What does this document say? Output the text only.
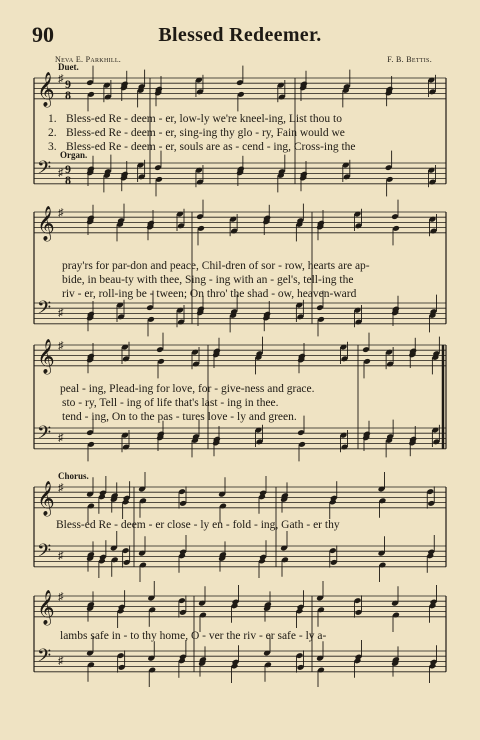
90	Blessed Redeemer.
Neva E. Parkhill.	F. B. Bettis.
Duet.
Organ.
Chorus.
1. Bless-ed Re - deem - er, low-ly we're kneel-ing, List thou to
2. Bless-ed Re - deem - er, sing-ing thy glo - ry, Fain would we
3. Bless-ed Re - deem - er, souls are as - cend - ing, Cross-ing the
pray'rs for par-don and peace, Chil-dren of sor - row, hearts are ap-
bide, in beau-ty with thee, Sing - ing with an - gel's, tell-ing the
riv - er, roll-ing be - tween; On thro' the shad - ow, heaven-ward
peal - ing, Plead-ing for love, for - give-ness and grace.
sto - ry, Tell - ing of life that's last - ing in thee.
tend - ing, On to the pas - tures love - ly and green.
Bless-ed Re - deem - er close - ly en - fold - ing, Gath - er thy
lambs safe in - to thy home, O - ver the riv - er safe - ly a-
𝄞
𝄢
♯
♯
9
8
9
8
𝄞
𝄢
♯
♯
𝄞
𝄢
♯
♯
𝄞
𝄢
♯
♯
𝄞
𝄢
♯
♯
